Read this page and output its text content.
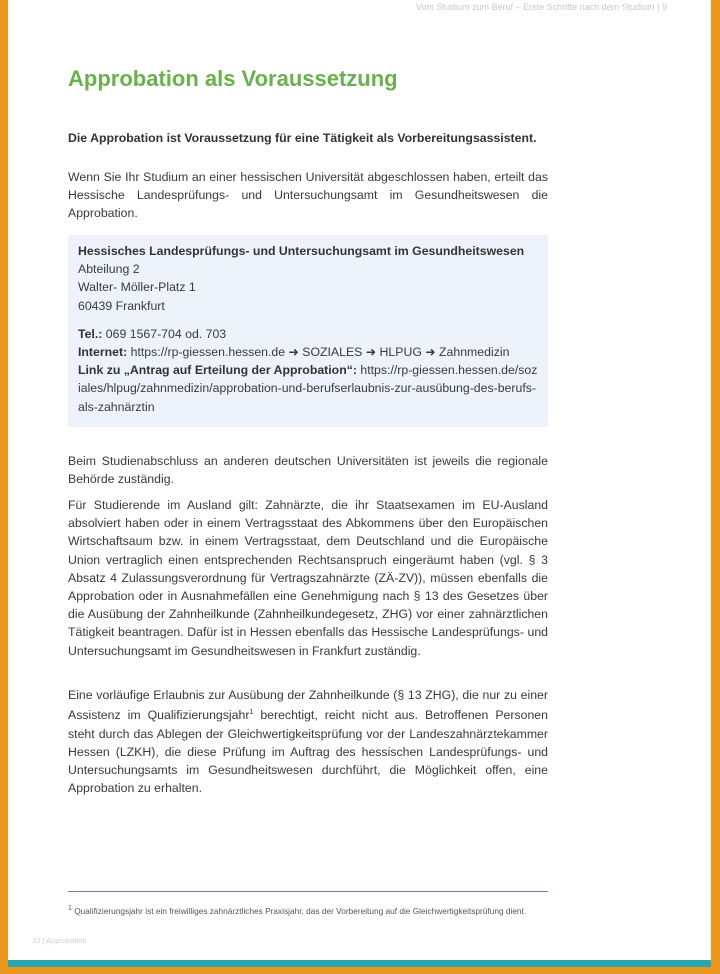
Vom Studium zum Beruf – Erste Schritte nach dem Studium | 9
Approbation als Voraussetzung
Die Approbation ist Voraussetzung für eine Tätigkeit als Vorbereitungsassistent.

Wenn Sie Ihr Studium an einer hessischen Universität abgeschlossen haben, erteilt das Hessische Landesprüfungs- und Untersuchungsamt im Gesundheitswesen die Approbation.

Hessisches Landesprüfungs- und Untersuchungsamt im Gesundheitswesen
Abteilung 2
Walter- Möller-Platz 1
60439 Frankfurt
Tel.: 069 1567-704 od. 703
Internet: https://rp-giessen.hessen.de ➜ SOZIALES ➜ HLPUG ➜ Zahnmedizin
Link zu „Antrag auf Erteilung der Approbation“: https://rp-giessen.hessen.de/soziales/hlpug/zahnmedizin/approbation-und-berufserlaubnis-zur-ausübung-des-berufs-als-zahnärztin

Beim Studienabschluss an anderen deutschen Universitäten ist jeweils die regionale Behörde zuständig.

Für Studierende im Ausland gilt: Zahnärzte, die ihr Staatsexamen im EU-Ausland absolviert haben oder in einem Vertragsstaat des Abkommens über den Europäischen Wirtschaftsaum bzw. in einem Vertragsstaat, dem Deutschland und die Europäische Union vertraglich einen entsprechenden Rechtsanspruch eingeräumt haben (vgl. § 3 Absatz 4 Zulassungsverordnung für Vertragszahnärzte (ZÄ-ZV)), müssen ebenfalls die Approbation oder in Ausnahmefällen eine Genehmigung nach § 13 des Gesetzes über die Ausübung der Zahnheilkunde (Zahnheilkundegesetz, ZHG) vor einer zahnärztlichen Tätigkeit beantragen. Dafür ist in Hessen ebenfalls das Hessische Landesprüfungs- und Untersuchungsamt im Gesundheitswesen in Frankfurt zuständig.

Eine vorläufige Erlaubnis zur Ausübung der Zahnheilkunde (§ 13 ZHG), die nur zu einer Assistenz im Qualifizierungsjahr$^1$ berechtigt, reicht nicht aus. Betroffenen Personen steht durch das Ablegen der Gleichwertigkeitsprüfung vor der Landeszahnärztekammer Hessen (LZKH), die diese Prüfung im Auftrag des hessischen Landesprüfungs- und Untersuchungsamts im Gesundheitswesen durchführt, die Möglichkeit offen, eine Approbation zu erhalten.

$^1$ Qualifizierungsjahr ist ein freiwilliges zahnärztliches Praxisjahr, das der Vorbereitung auf die Gleichwertigkeitsprüfung dient.
10 | Approbation
